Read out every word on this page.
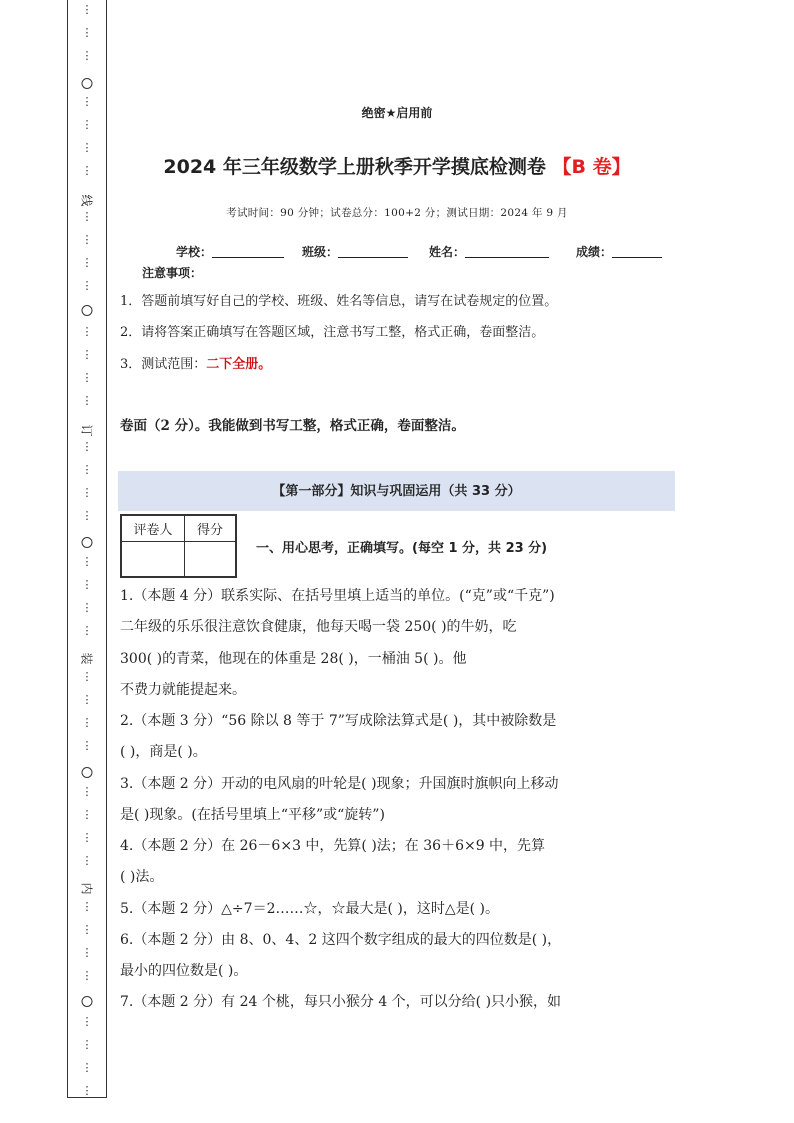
线
订
装
内
⋮
⋮
⋮
⋮
⋮
⋮
⋮
⋮
⋮
⋮
⋮
⋮
⋮
⋮
⋮
⋮
⋮
⋮
⋮
⋮
⋮
⋮
⋮
⋮
⋮
⋮
⋮
⋮
⋮
⋮
⋮
⋮
⋮
⋮
⋮
⋮
⋮
⋮
⋮
绝密★启用前
2024 年三年级数学上册秋季开学摸底检测卷 【B 卷】
考试时间：90 分钟；试卷总分：100+2 分；测试日期：2024 年 9 月
学校：	班级：	姓名：	成绩：
注意事项：
1．答题前填写好自己的学校、班级、姓名等信息，请写在试卷规定的位置。
2．请将答案正确填写在答题区域，注意书写工整，格式正确，卷面整洁。
3．测试范围：二下全册。
卷面（2 分）。我能做到书写工整，格式正确，卷面整洁。
【第一部分】知识与巩固运用（共 33 分）
评卷人	得分

一、用心思考，正确填写。(每空 1 分，共 23 分)
1.（本题 4 分）联系实际、在括号里填上适当的单位。(“克”或“千克”)
二年级的乐乐很注意饮食健康，他每天喝一袋 250( )的牛奶，吃
300( )的青菜，他现在的体重是 28( )，一桶油 5( )。他
不费力就能提起来。
2.（本题 3 分）“56 除以 8 等于 7”写成除法算式是( )，其中被除数是
( )，商是( )。
3.（本题 2 分）开动的电风扇的叶轮是( )现象；升国旗时旗帜向上移动
是( )现象。(在括号里填上“平移”或“旋转”)
4.（本题 2 分）在 26－6×3 中，先算( )法；在 36＋6×9 中，先算
( )法。
5.（本题 2 分）△÷7＝2……☆，☆最大是( )，这时△是( )。
6.（本题 2 分）由 8、0、4、2 这四个数字组成的最大的四位数是( )，
最小的四位数是( )。
7.（本题 2 分）有 24 个桃，每只小猴分 4 个，可以分给( )只小猴，如
